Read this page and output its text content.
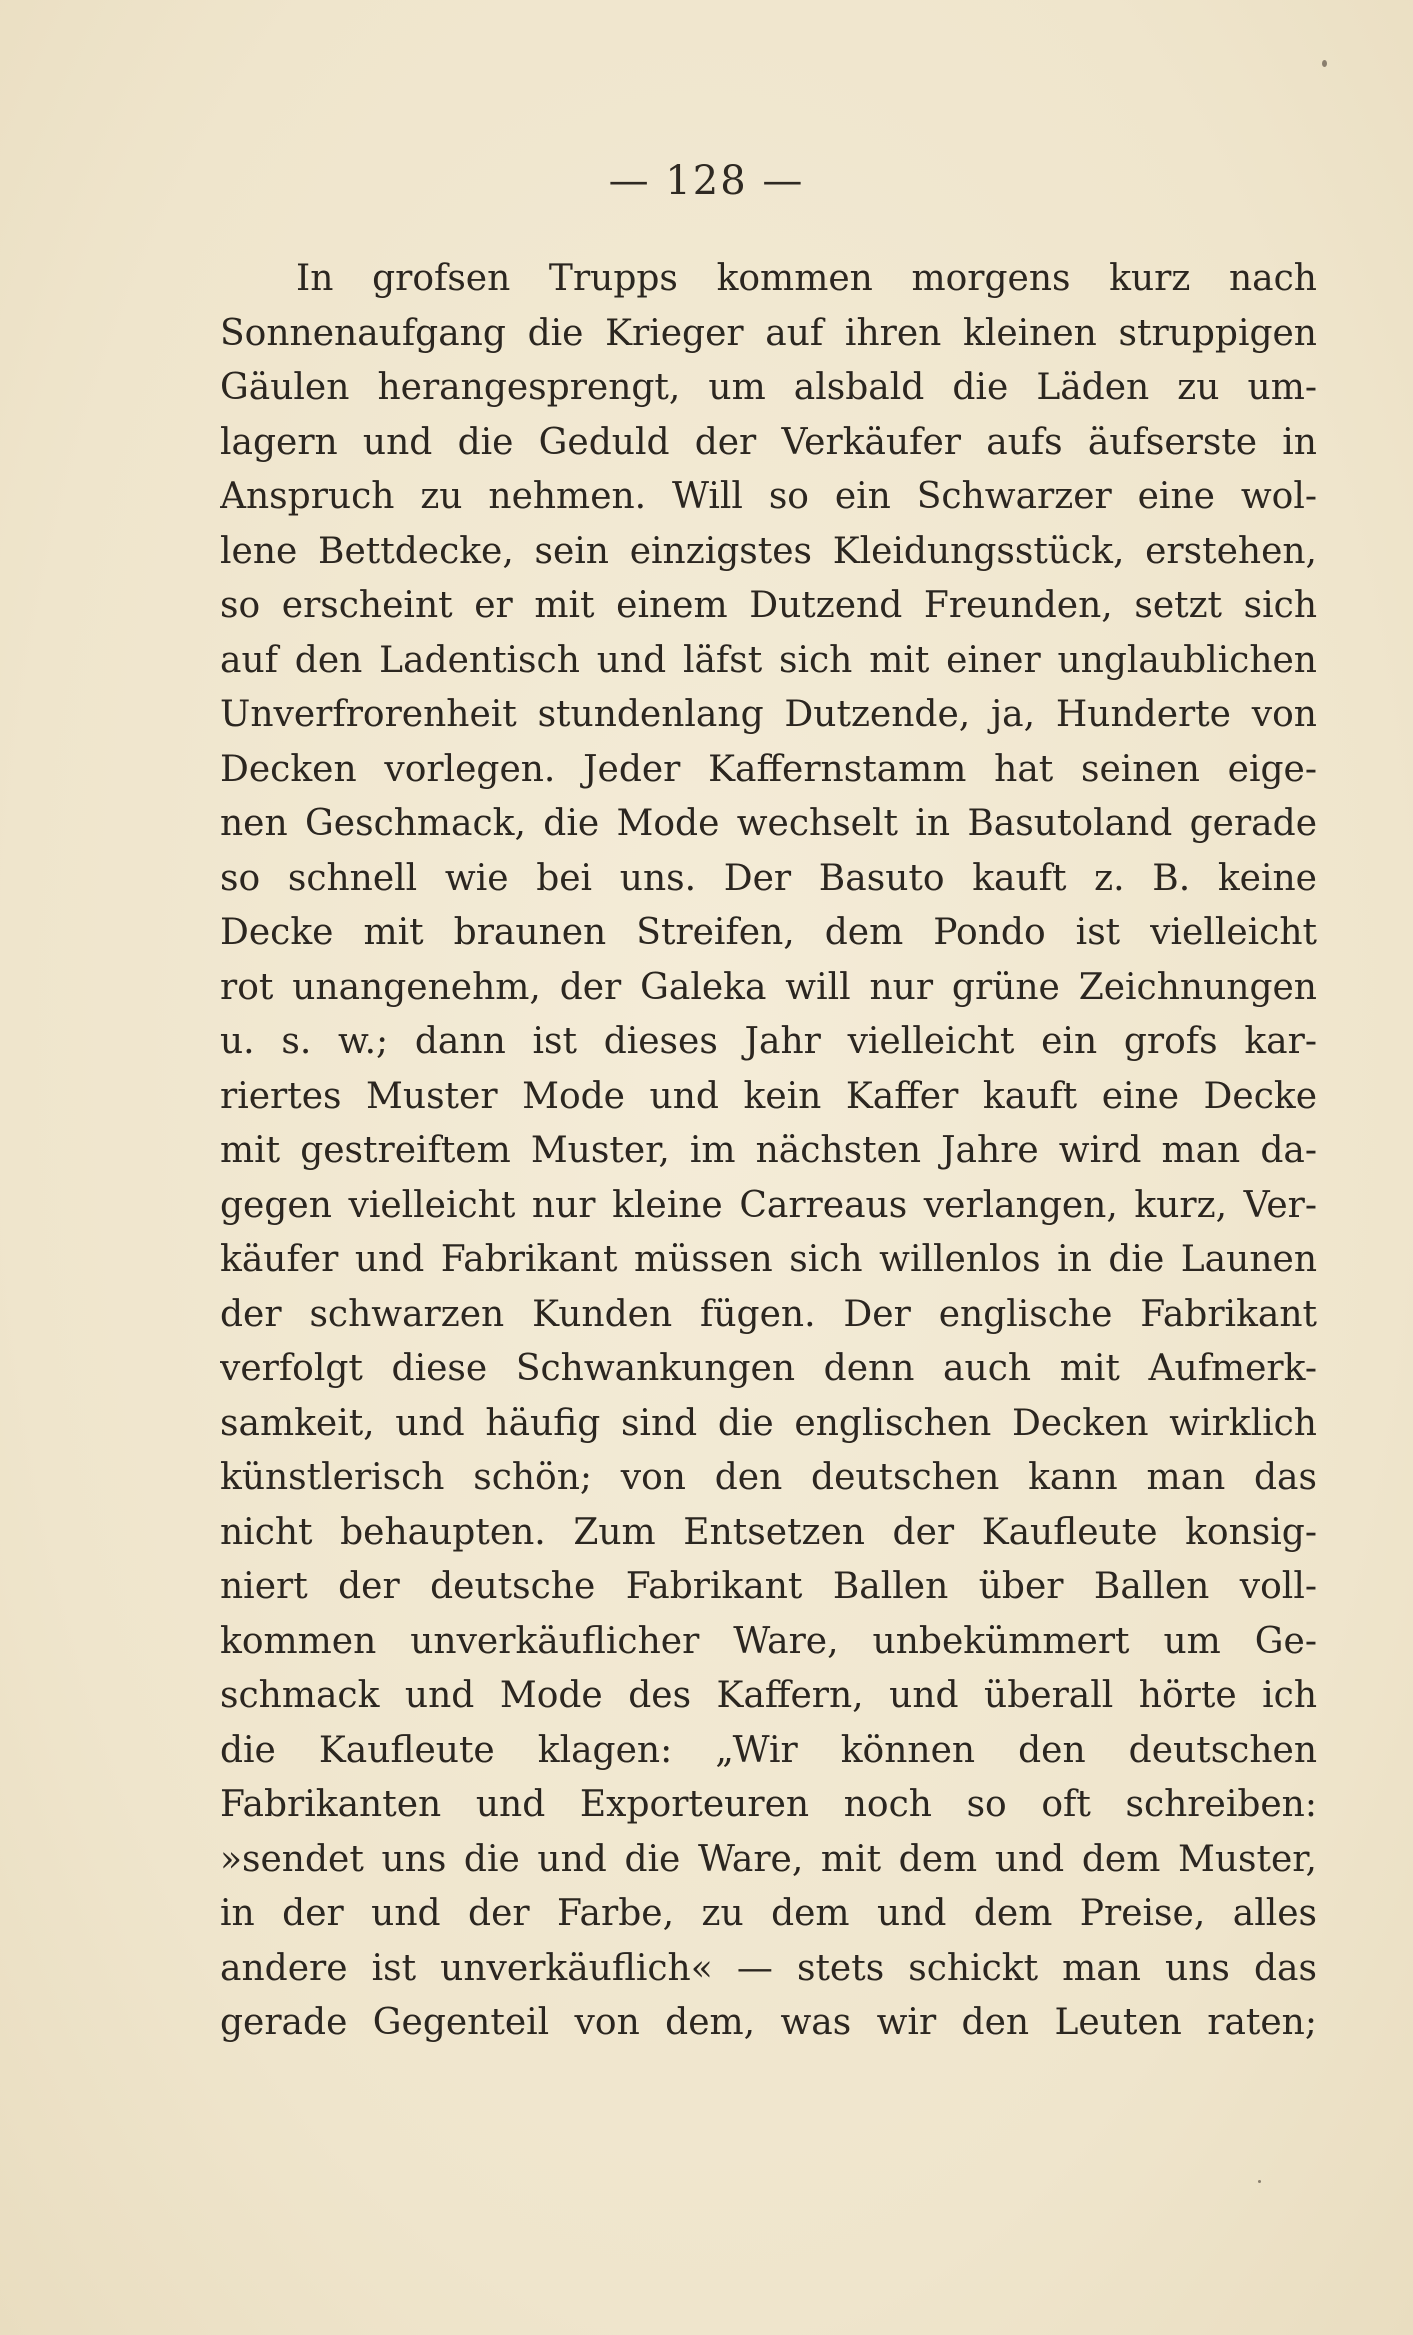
— 128 —
In grofsen Trupps kommen morgens kurz nach
Sonnenaufgang die Krieger auf ihren kleinen struppigen
Gäulen herangesprengt, um alsbald die Läden zu um-
lagern und die Geduld der Verkäufer aufs äufserste in
Anspruch zu nehmen. Will so ein Schwarzer eine wol-
lene Bettdecke, sein einzigstes Kleidungsstück, erstehen,
so erscheint er mit einem Dutzend Freunden, setzt sich
auf den Ladentisch und läfst sich mit einer unglaublichen
Unverfrorenheit stundenlang Dutzende, ja, Hunderte von
Decken vorlegen. Jeder Kaffernstamm hat seinen eige-
nen Geschmack, die Mode wechselt in Basutoland gerade
so schnell wie bei uns. Der Basuto kauft z. B. keine
Decke mit braunen Streifen, dem Pondo ist vielleicht
rot unangenehm, der Galeka will nur grüne Zeichnungen
u. s. w.; dann ist dieses Jahr vielleicht ein grofs kar-
riertes Muster Mode und kein Kaffer kauft eine Decke
mit gestreiftem Muster, im nächsten Jahre wird man da-
gegen vielleicht nur kleine Carreaus verlangen, kurz, Ver-
käufer und Fabrikant müssen sich willenlos in die Launen
der schwarzen Kunden fügen. Der englische Fabrikant
verfolgt diese Schwankungen denn auch mit Aufmerk-
samkeit, und häufig sind die englischen Decken wirklich
künstlerisch schön; von den deutschen kann man das
nicht behaupten. Zum Entsetzen der Kaufleute konsig-
niert der deutsche Fabrikant Ballen über Ballen voll-
kommen unverkäuflicher Ware, unbekümmert um Ge-
schmack und Mode des Kaffern, und überall hörte ich
die Kaufleute klagen: „Wir können den deutschen
Fabrikanten und Exporteuren noch so oft schreiben:
»sendet uns die und die Ware, mit dem und dem Muster,
in der und der Farbe, zu dem und dem Preise, alles
andere ist unverkäuflich« — stets schickt man uns das
gerade Gegenteil von dem, was wir den Leuten raten;
